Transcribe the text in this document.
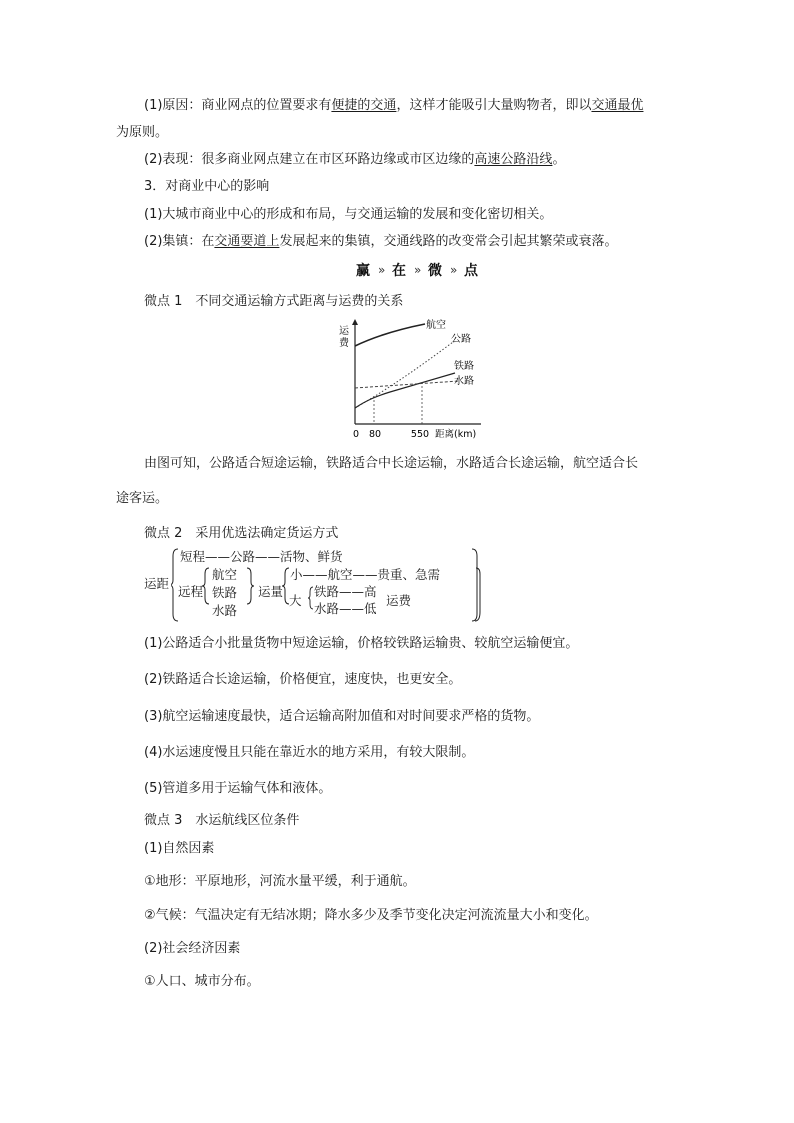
(1)原因：商业网点的位置要求有便捷的交通，这样才能吸引大量购物者，即以交通最优
为原则。
(2)表现：很多商业网点建立在市区环路边缘或市区边缘的高速公路沿线。
3．对商业中心的影响
(1)大城市商业中心的形成和布局，与交通运输的发展和变化密切相关。
(2)集镇：在交通要道上发展起来的集镇，交通线路的改变常会引起其繁荣或衰落。
赢 » 在 » 微 » 点
微点 1　不同交通运输方式距离与运费的关系
运
费
航空
公路
铁路
水路
0 80	550 距离(km)
由图可知，公路适合短途运输，铁路适合中长途运输，水路适合长途运输，航空适合长
途客运。
微点 2　采用优选法确定货运方式
运距
短程——公路——活物、鲜货
远程
航空
铁路
水路
运量
小——航空——贵重、急需
大
铁路——高
水路——低
运费
(1)公路适合小批量货物中短途运输，价格较铁路运输贵、较航空运输便宜。
(2)铁路适合长途运输，价格便宜，速度快，也更安全。
(3)航空运输速度最快，适合运输高附加值和对时间要求严格的货物。
(4)水运速度慢且只能在靠近水的地方采用，有较大限制。
(5)管道多用于运输气体和液体。
微点 3　水运航线区位条件
(1)自然因素
①地形：平原地形，河流水量平缓，利于通航。
②气候：气温决定有无结冰期；降水多少及季节变化决定河流流量大小和变化。
(2)社会经济因素
①人口、城市分布。
